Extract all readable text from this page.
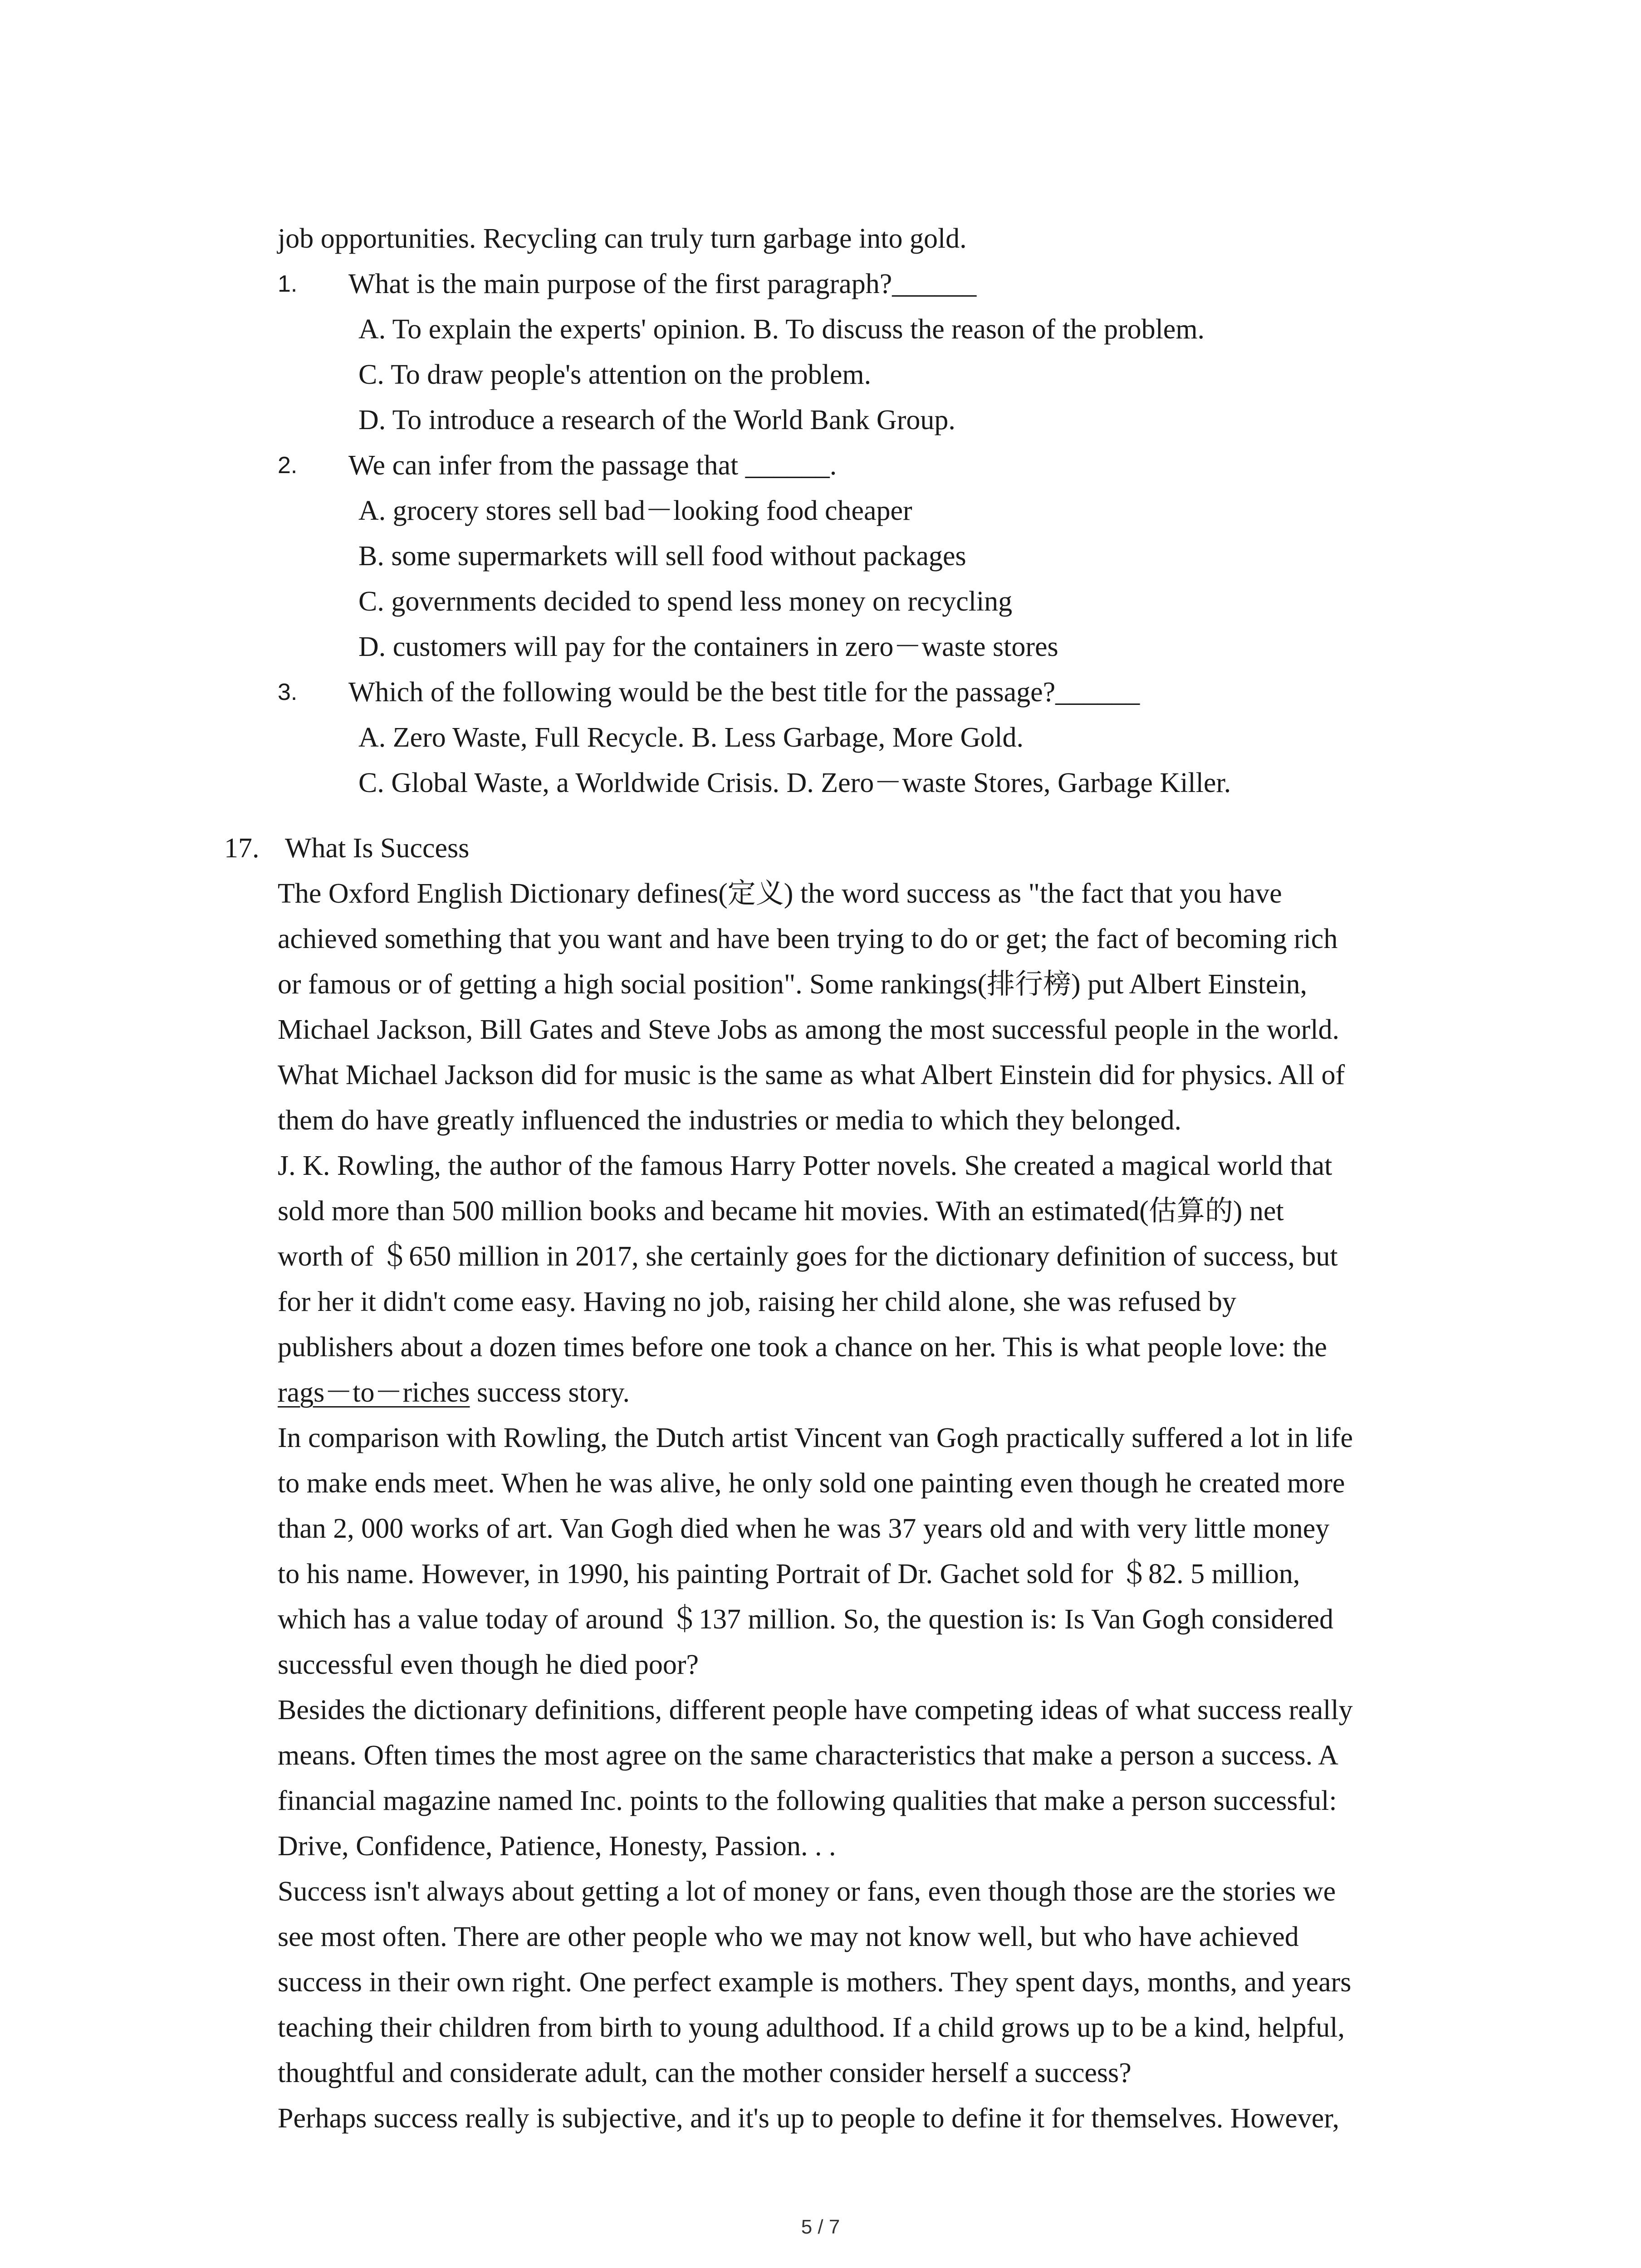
job opportunities. Recycling can truly turn garbage into gold.
1. What is the main purpose of the first paragraph?______
A. To explain the experts' opinion. B. To discuss the reason of the problem.
C. To draw people's attention on the problem.
D. To introduce a research of the World Bank Group.
2. We can infer from the passage that ______.
A. grocery stores sell bad－looking food cheaper
B. some supermarkets will sell food without packages
C. governments decided to spend less money on recycling
D. customers will pay for the containers in zero－waste stores
3. Which of the following would be the best title for the passage?______
A. Zero Waste, Full Recycle. B. Less Garbage, More Gold.
C. Global Waste, a Worldwide Crisis. D. Zero－waste Stores, Garbage Killer.
17. What Is Success
The Oxford English Dictionary defines(定义) the word success as "the fact that you have
achieved something that you want and have been trying to do or get; the fact of becoming rich
or famous or of getting a high social position". Some rankings(排行榜) put Albert Einstein,
Michael Jackson, Bill Gates and Steve Jobs as among the most successful people in the world.
What Michael Jackson did for music is the same as what Albert Einstein did for physics. All of
them do have greatly influenced the industries or media to which they belonged.
J. K. Rowling, the author of the famous Harry Potter novels. She created a magical world that
sold more than 500 million books and became hit movies. With an estimated(估算的) net
worth of ＄650 million in 2017, she certainly goes for the dictionary definition of success, but
for her it didn't come easy. Having no job, raising her child alone, she was refused by
publishers about a dozen times before one took a chance on her. This is what people love: the
rags－to－riches success story.
In comparison with Rowling, the Dutch artist Vincent van Gogh practically suffered a lot in life
to make ends meet. When he was alive, he only sold one painting even though he created more
than 2, 000 works of art. Van Gogh died when he was 37 years old and with very little money
to his name. However, in 1990, his painting Portrait of Dr. Gachet sold for ＄82. 5 million,
which has a value today of around ＄137 million. So, the question is: Is Van Gogh considered
successful even though he died poor?
Besides the dictionary definitions, different people have competing ideas of what success really
means. Often times the most agree on the same characteristics that make a person a success. A
financial magazine named Inc. points to the following qualities that make a person successful:
Drive, Confidence, Patience, Honesty, Passion. . .
Success isn't always about getting a lot of money or fans, even though those are the stories we
see most often. There are other people who we may not know well, but who have achieved
success in their own right. One perfect example is mothers. They spent days, months, and years
teaching their children from birth to young adulthood. If a child grows up to be a kind, helpful,
thoughtful and considerate adult, can the mother consider herself a success?
Perhaps success really is subjective, and it's up to people to define it for themselves. However,
5 / 7
